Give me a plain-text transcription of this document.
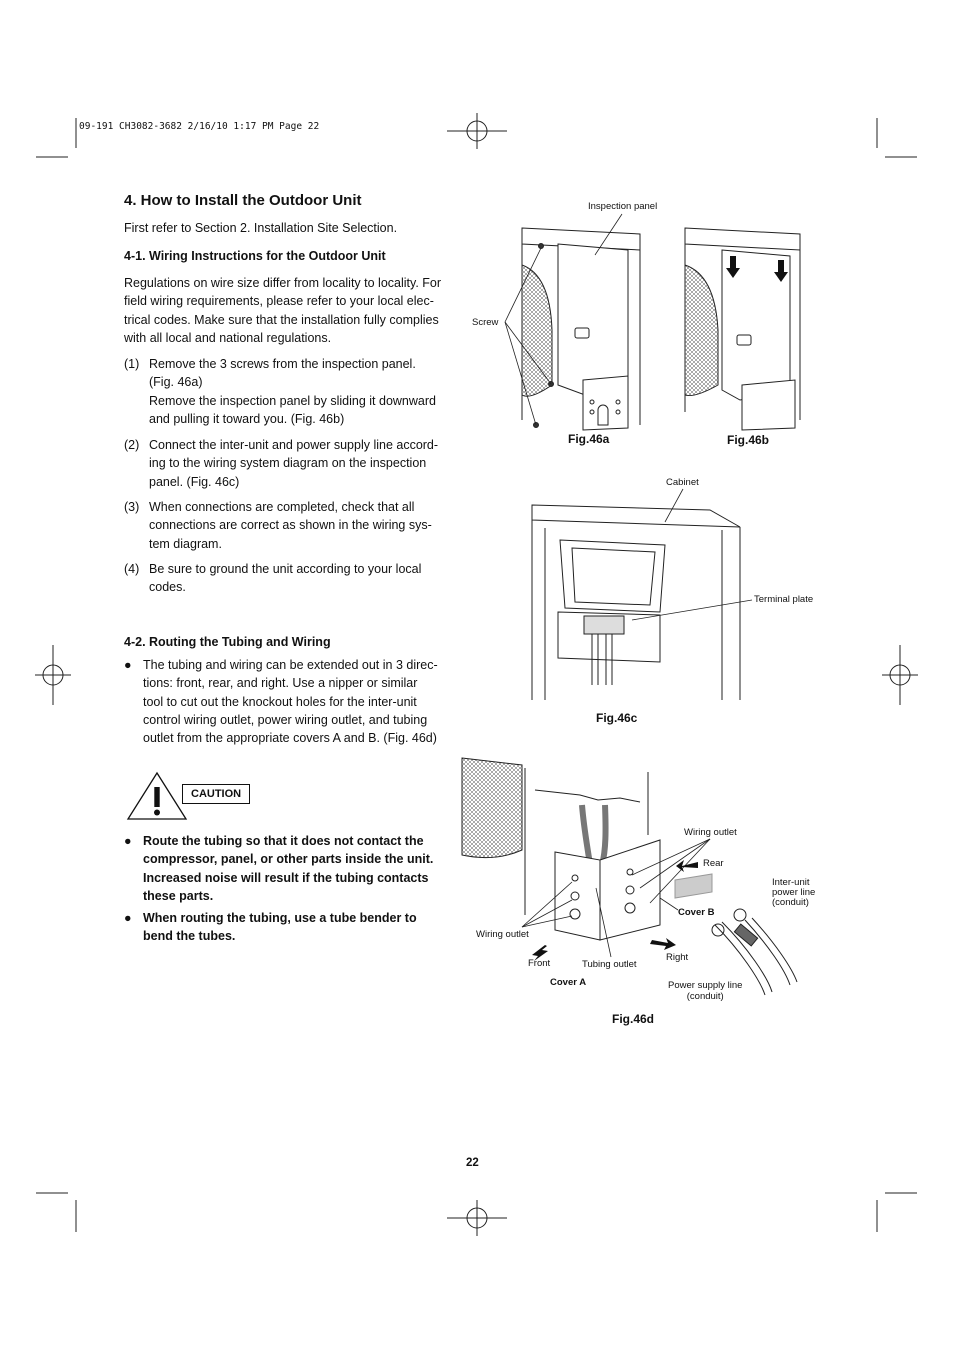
09-191 CH3082-3682 2/16/10 1:17 PM Page 22
4. How to Install the Outdoor Unit
First refer to Section 2. Installation Site Selection.
4-1. Wiring Instructions for the Outdoor Unit
Regulations on wire size differ from locality to locality. For
field wiring requirements, please refer to your local elec-
trical codes. Make sure that the installation fully complies
with all local and national regulations.
(1) Remove the 3 screws from the inspection panel.
(Fig. 46a)
Remove the inspection panel by sliding it downward
and pulling it toward you. (Fig. 46b)
(2) Connect the inter-unit and power supply line accord-
ing to the wiring system diagram on the inspection
panel. (Fig. 46c)
(3) When connections are completed, check that all
connections are correct as shown in the wiring sys-
tem diagram.
(4) Be sure to ground the unit according to your local
codes.
4-2. Routing the Tubing and Wiring
● The tubing and wiring can be extended out in 3 direc-
tions: front, rear, and right. Use a nipper or similar
tool to cut out the knockout holes for the inter-unit
control wiring outlet, power wiring outlet, and tubing
outlet from the appropriate covers A and B. (Fig. 46d)
CAUTION
● Route the tubing so that it does not contact the
compressor, panel, or other parts inside the unit.
Increased noise will result if the tubing contacts
these parts.
● When routing the tubing, use a tube bender to
bend the tubes.
Inspection panel
Screw
Fig.46a	Fig.46b
Cabinet
Terminal plate
Fig.46c
Wiring outlet
Rear
Inter-unit
power line
(conduit)
Cover B
Wiring outlet
Front	Tubing outlet
Right
Cover A	Power supply line
(conduit)
Fig.46d
22
